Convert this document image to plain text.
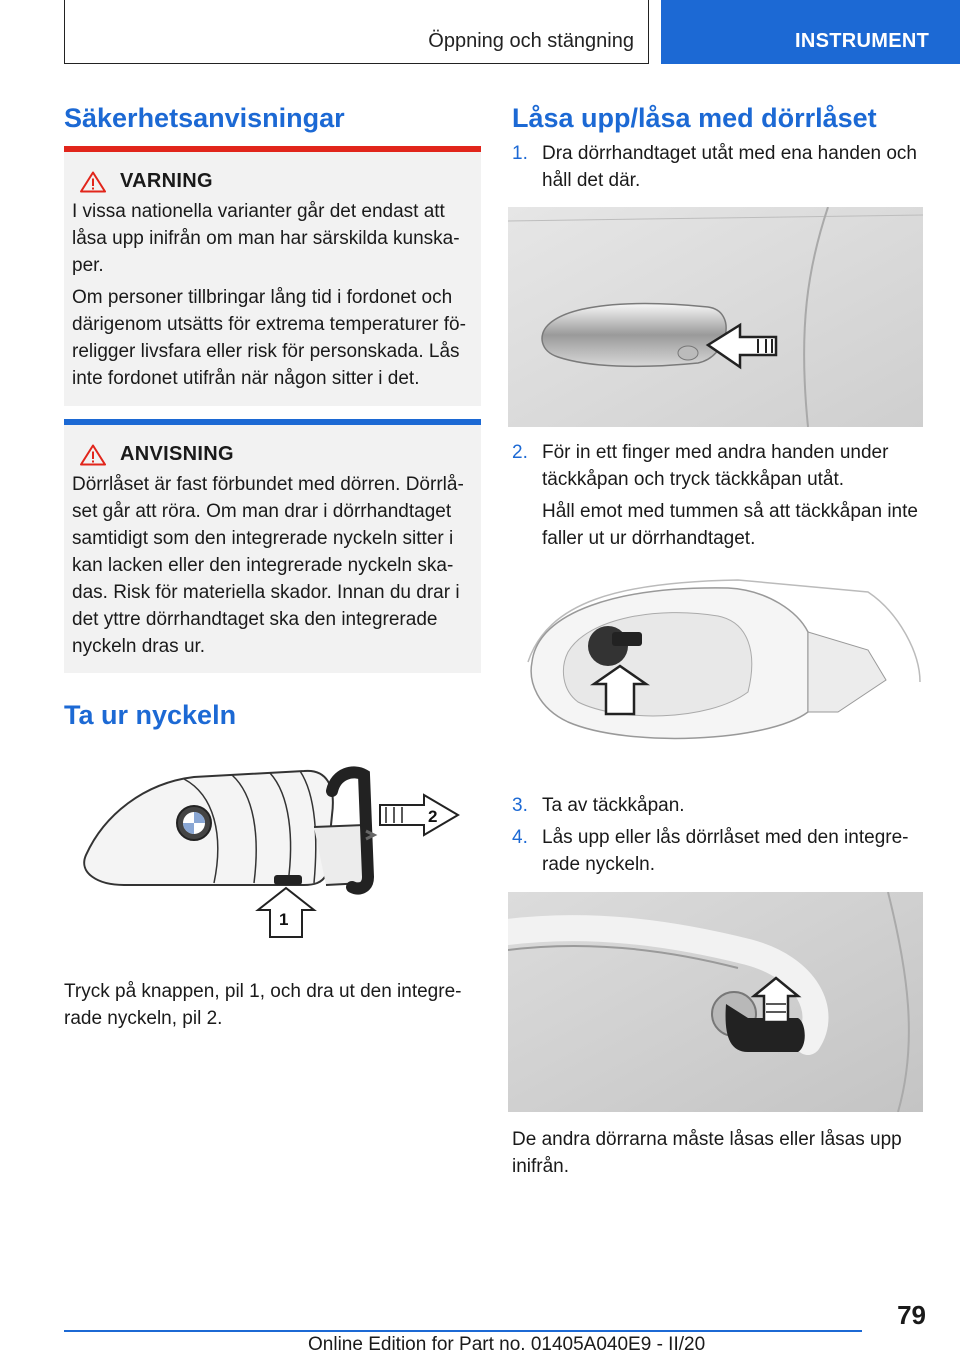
Öppning och stängning	INSTRUMENT
Säkerhetsanvisningar
VARNING

I vissa nationella varianter går det endast att låsa upp inifrån om man har särskilda kunskaper.

Om personer tillbringar lång tid i fordonet och därigenom utsätts för extrema temperaturer föreligger livsfara eller risk för personskada. Lås inte fordonet utifrån när någon sitter i det.

ANVISNING

Dörrlåset är fast förbundet med dörren. Dörrlåset går att röra. Om man drar i dörrhandtaget samtidigt som den integrerade nyckeln sitter i kan lacken eller den integrerade nyckeln skadas. Risk för materiella skador. Innan du drar i det yttre dörrhandtaget ska den integrerade nyckeln dras ur.

Ta ur nyckeln
2
1
Tryck på knappen, pil 1, och dra ut den integrerade nyckeln, pil 2.
Låsa upp/låsa med dörrlåset
1. Dra dörrhandtaget utåt med ena handen och håll det där.

2. För in ett finger med andra handen under täckkåpan och tryck täckkåpan utåt.

Håll emot med tummen så att täckkåpan inte faller ut ur dörrhandtaget.

3. Ta av täckkåpan.

4. Lås upp eller lås dörrlåset med den integrerade nyckeln.

De andra dörrarna måste låsas eller låsas upp inifrån.
79
Online Edition for Part no. 01405A040E9 - II/20
